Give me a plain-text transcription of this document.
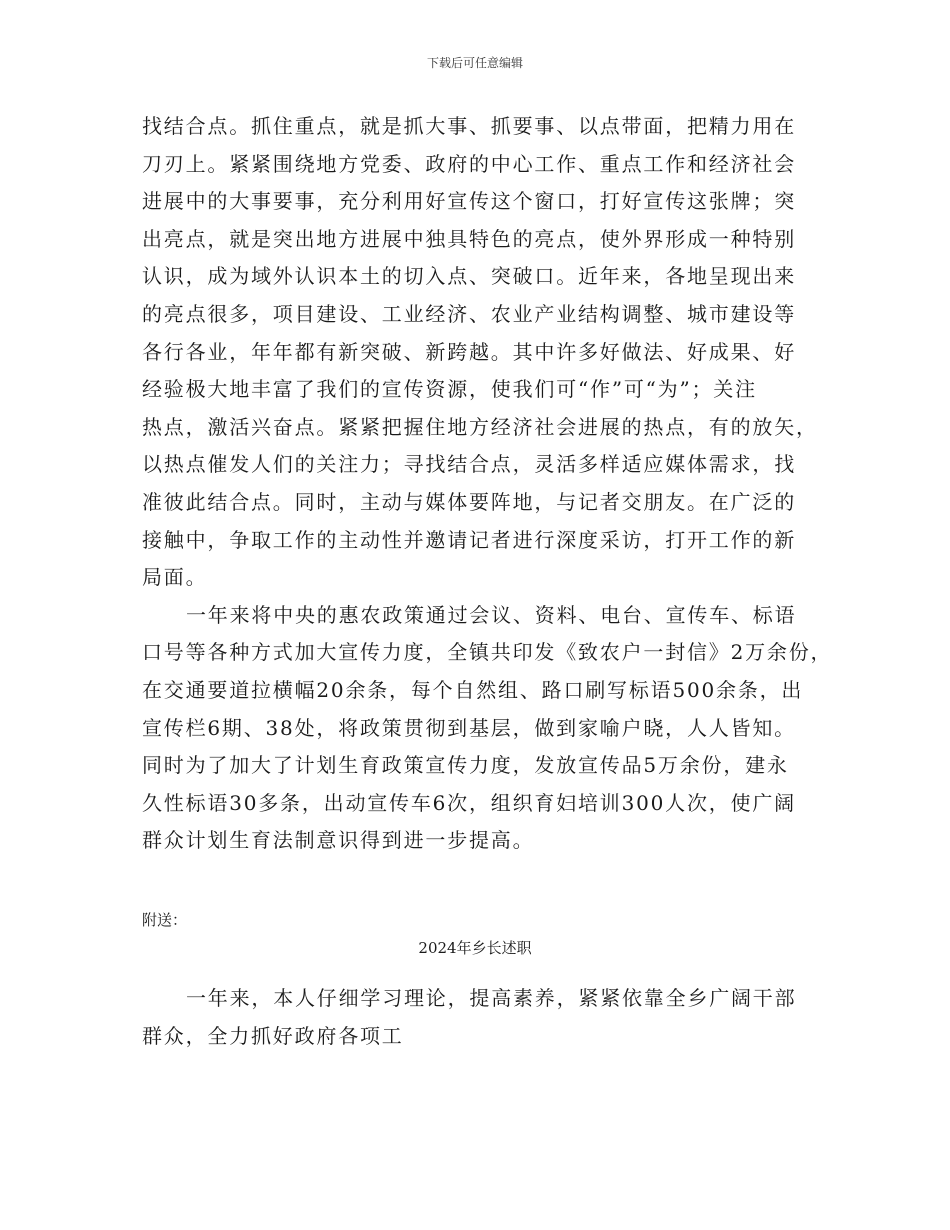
下载后可任意编辑
找结合点。抓住重点，就是抓大事、抓要事、以点带面，把精力用在
刀刃上。紧紧围绕地方党委、政府的中心工作、重点工作和经济社会
进展中的大事要事，充分利用好宣传这个窗口，打好宣传这张牌；突
出亮点，就是突出地方进展中独具特色的亮点，使外界形成一种特别
认识，成为域外认识本土的切入点、突破口。近年来，各地呈现出来
的亮点很多，项目建设、工业经济、农业产业结构调整、城市建设等
各行各业，年年都有新突破、新跨越。其中许多好做法、好成果、好
经验极大地丰富了我们的宣传资源，使我们可“作”可“为”；关注
热点，激活兴奋点。紧紧把握住地方经济社会进展的热点，有的放矢，
以热点催发人们的关注力；寻找结合点，灵活多样适应媒体需求，找
准彼此结合点。同时，主动与媒体要阵地，与记者交朋友。在广泛的
接触中，争取工作的主动性并邀请记者进行深度采访，打开工作的新
局面。
一年来将中央的惠农政策通过会议、资料、电台、宣传车、标语
口号等各种方式加大宣传力度，全镇共印发《致农户一封信》2万余份，
在交通要道拉横幅20余条，每个自然组、路口刷写标语500余条，出
宣传栏6期、38处，将政策贯彻到基层，做到家喻户晓，人人皆知。
同时为了加大了计划生育政策宣传力度，发放宣传品5万余份，建永
久性标语30多条，出动宣传车6次，组织育妇培训300人次，使广阔
群众计划生育法制意识得到进一步提高。
附送：
2024年乡长述职
一年来，本人仔细学习理论，提高素养，紧紧依靠全乡广阔干部
群众，全力抓好政府各项工
